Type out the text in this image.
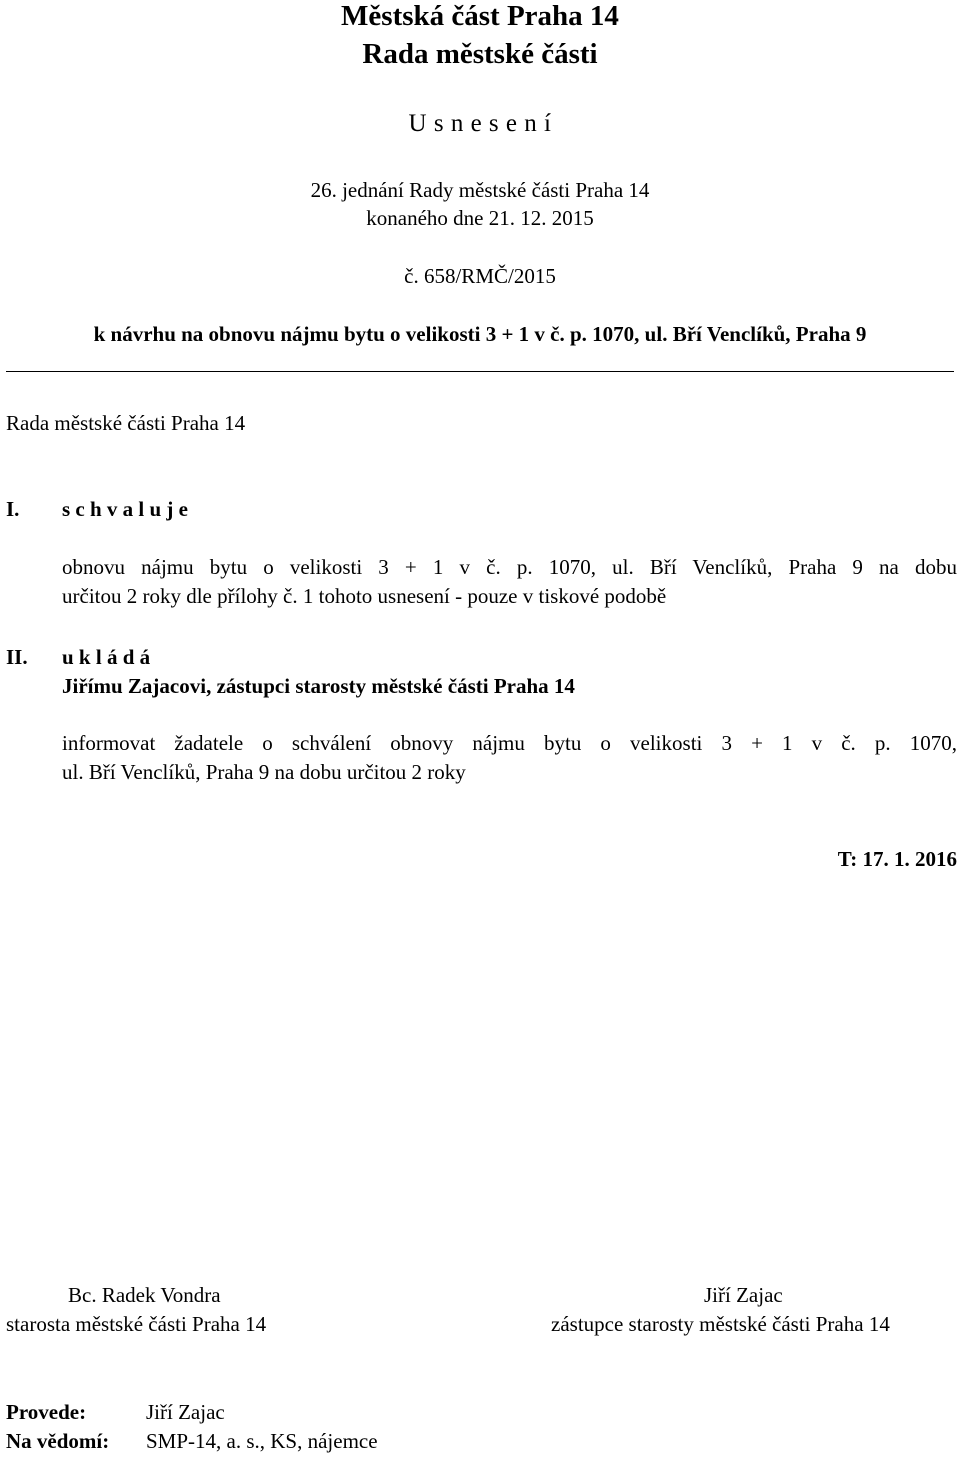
Městská část Praha 14
Rada městské části
U s n e s e n í
26. jednání Rady městské části Praha 14
konaného dne 21. 12. 2015
č. 658/RMČ/2015
k návrhu na obnovu nájmu bytu o velikosti 3 + 1 v č. p. 1070, ul. Bří Venclíků, Praha 9
Rada městské části Praha 14
I. s c h v a l u j e
obnovu nájmu bytu o velikosti 3 + 1 v č. p. 1070, ul. Bří Venclíků, Praha 9 na dobu
určitou 2 roky dle přílohy č. 1 tohoto usnesení - pouze v tiskové podobě
II. u k l á d á
Jiřímu Zajacovi, zástupci starosty městské části Praha 14
informovat žadatele o schválení obnovy nájmu bytu o velikosti 3 + 1 v č. p. 1070,
ul. Bří Venclíků, Praha 9 na dobu určitou 2 roky
T: 17. 1. 2016
Bc. Radek Vondra
starosta městské části Praha 14
Jiří Zajac
zástupce starosty městské části Praha 14
Provede:	Jiří Zajac
Na vědomí: SMP-14, a. s., KS, nájemce
